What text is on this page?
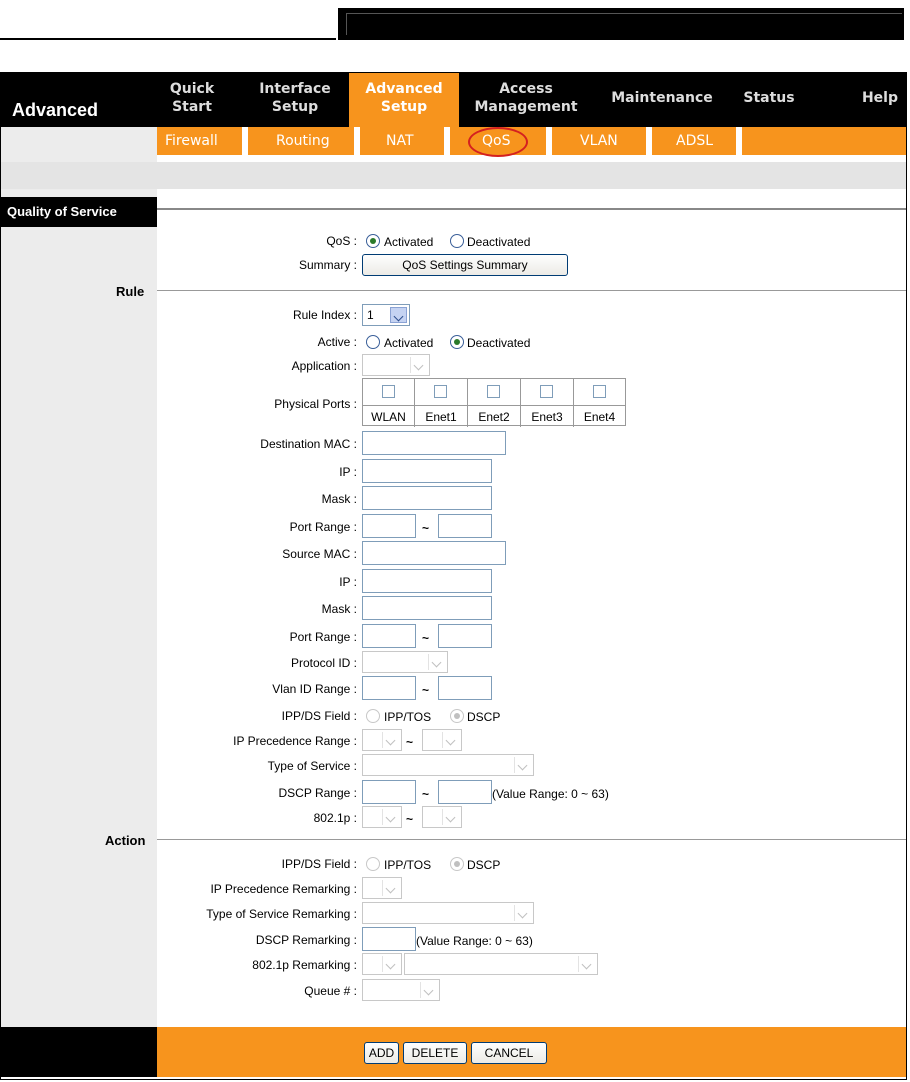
Advanced
Quick
Start
Interface
Setup
Advanced
Setup
Access
Management
Maintenance	Status	Help
Firewall	Routing	NAT	QoS	VLAN	ADSL
Quality of Service
QoS : Activated	Deactivated
Summary :	QoS Settings Summary
Rule
Rule Index : 1
Active : Activated	Deactivated
Application :
Physical Ports :
WLAN	Enet1	Enet2	Enet3	Enet4
Destination MAC :
IP :
Mask :
Port Range :	~
Source MAC :
IP :
Mask :
Port Range :	~
Protocol ID :
Vlan ID Range :	~
IPP/DS Field : IPP/TOS	DSCP
IP Precedence Range :	~
Type of Service :
DSCP Range :	~	(Value Range: 0 ~ 63)
802.1p :	~
Action
IPP/DS Field : IPP/TOS	DSCP
IP Precedence Remarking :
Type of Service Remarking :
DSCP Remarking :	(Value Range: 0 ~ 63)
802.1p Remarking :
Queue # :
ADD	DELETE	CANCEL
